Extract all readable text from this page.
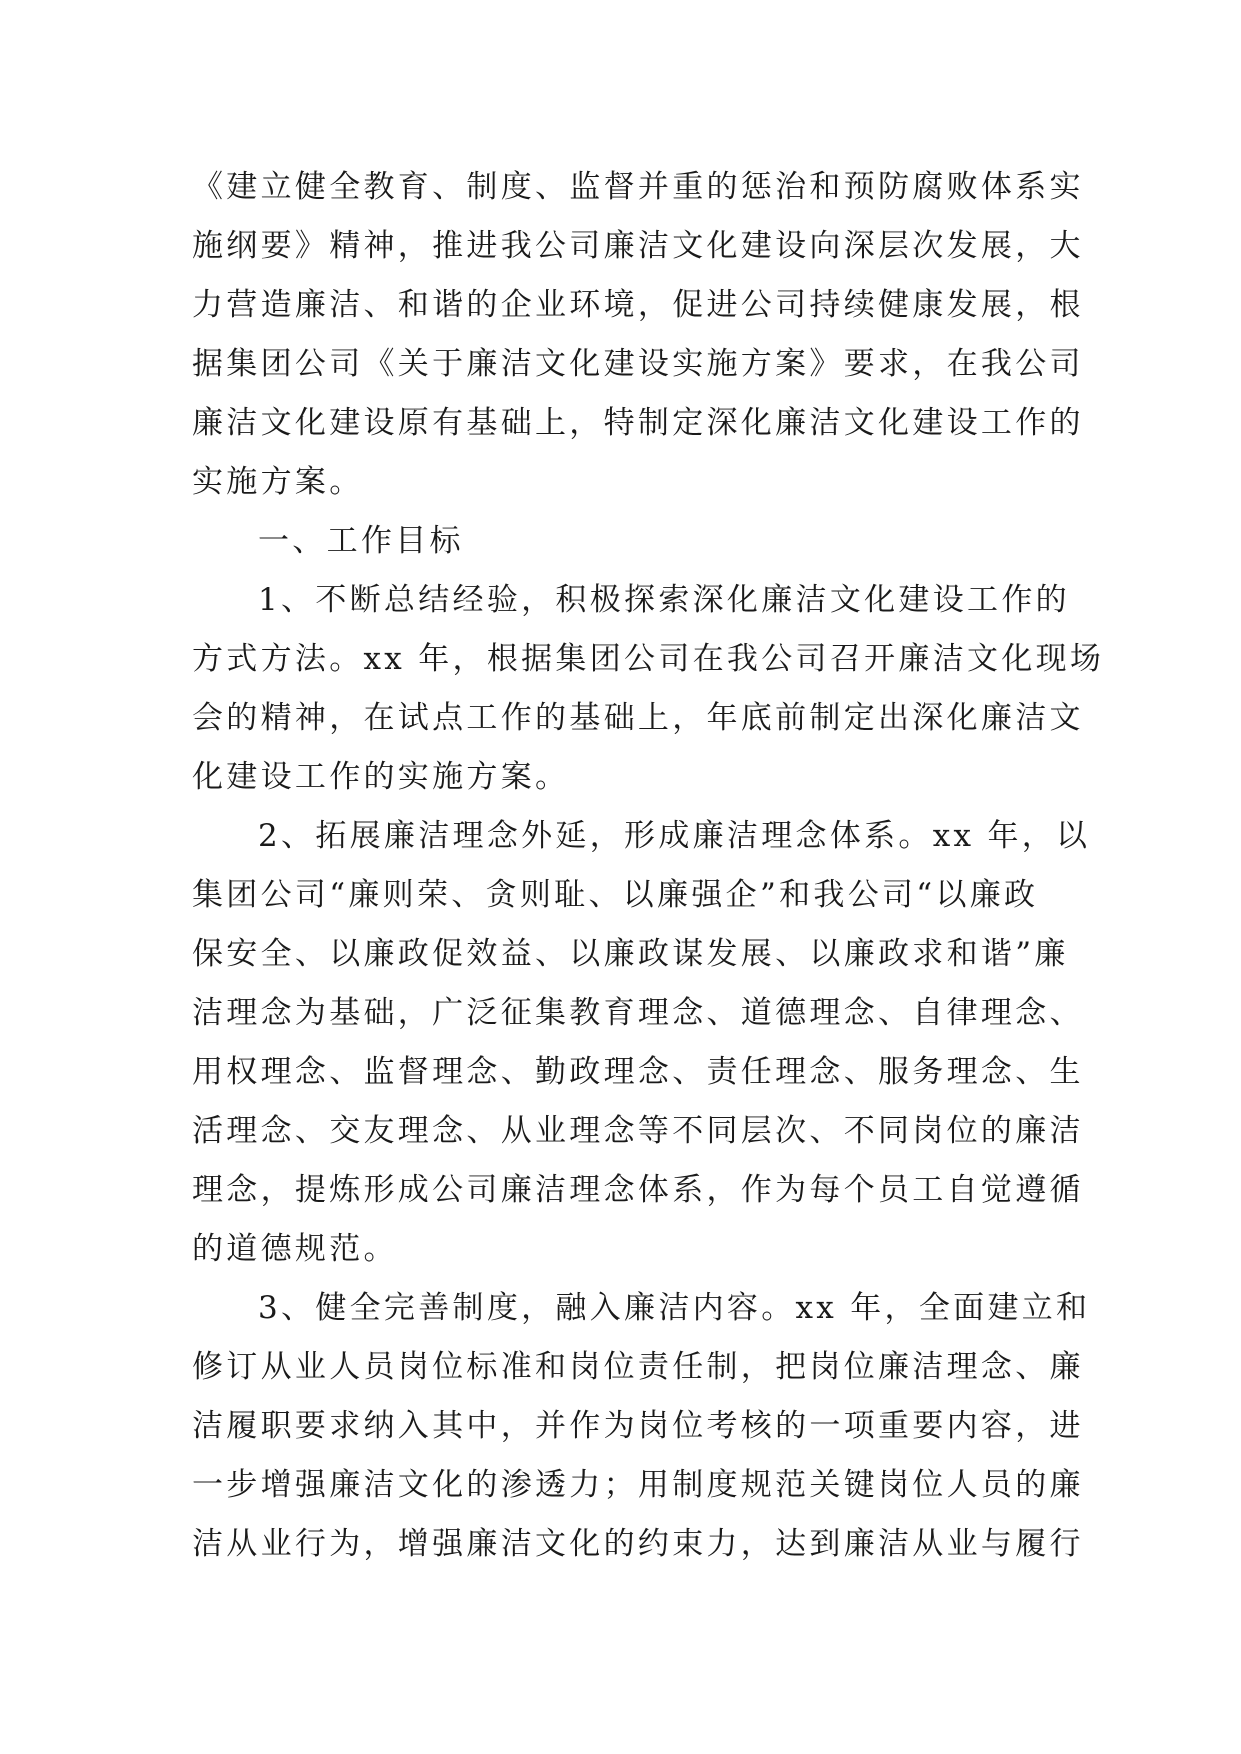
《建立健全教育、制度、监督并重的惩治和预防腐败体系实
施纲要》精神，推进我公司廉洁文化建设向深层次发展，大
力营造廉洁、和谐的企业环境，促进公司持续健康发展，根
据集团公司《关于廉洁文化建设实施方案》要求，在我公司
廉洁文化建设原有基础上，特制定深化廉洁文化建设工作的
实施方案。
一、工作目标
1、不断总结经验，积极探索深化廉洁文化建设工作的
方式方法。xx 年，根据集团公司在我公司召开廉洁文化现场
会的精神，在试点工作的基础上，年底前制定出深化廉洁文
化建设工作的实施方案。
2、拓展廉洁理念外延，形成廉洁理念体系。xx 年，以
集团公司“廉则荣、贪则耻、以廉强企”和我公司“以廉政
保安全、以廉政促效益、以廉政谋发展、以廉政求和谐”廉
洁理念为基础，广泛征集教育理念、道德理念、自律理念、
用权理念、监督理念、勤政理念、责任理念、服务理念、生
活理念、交友理念、从业理念等不同层次、不同岗位的廉洁
理念，提炼形成公司廉洁理念体系，作为每个员工自觉遵循
的道德规范。
3、健全完善制度，融入廉洁内容。xx 年，全面建立和
修订从业人员岗位标准和岗位责任制，把岗位廉洁理念、廉
洁履职要求纳入其中，并作为岗位考核的一项重要内容，进
一步增强廉洁文化的渗透力；用制度规范关键岗位人员的廉
洁从业行为，增强廉洁文化的约束力，达到廉洁从业与履行
